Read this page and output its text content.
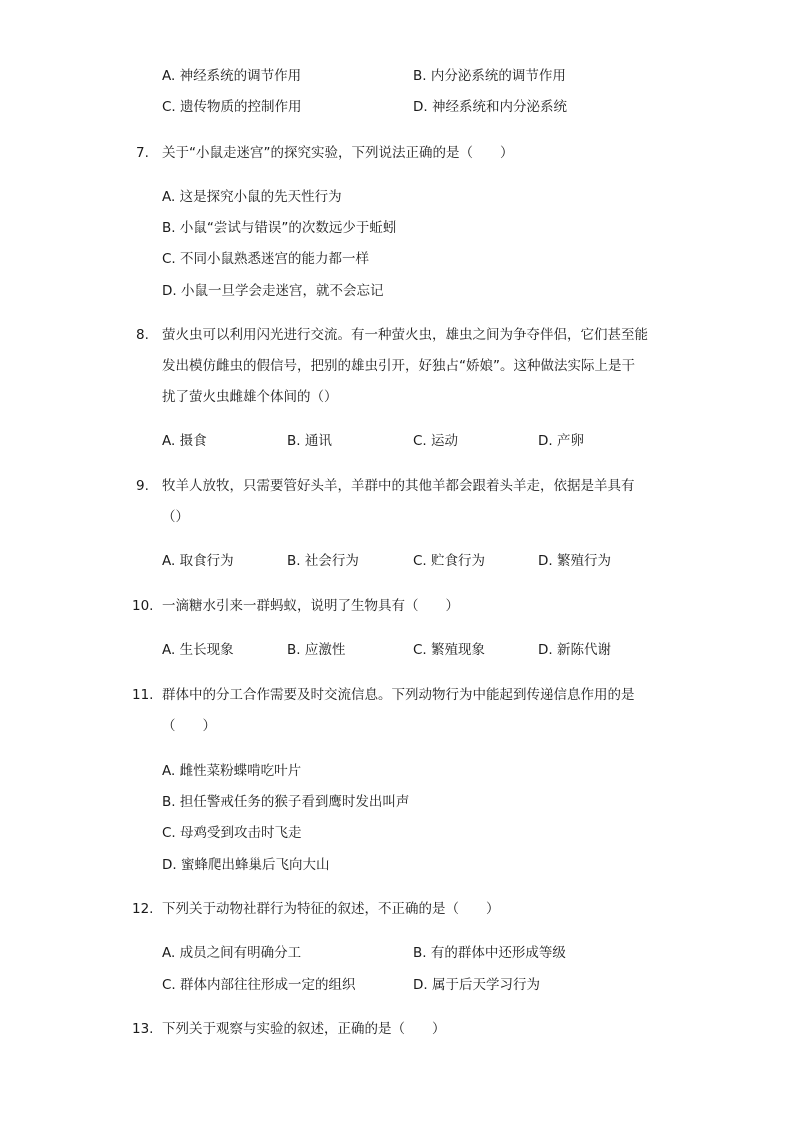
A. 神经系统的调节作用	B. 内分泌系统的调节作用
C. 遗传物质的控制作用	D. 神经系统和内分泌系统
7. 关于“小鼠走迷宫”的探究实验，下列说法正确的是（　　）
A. 这是探究小鼠的先天性行为
B. 小鼠“尝试与错误”的次数远少于蚯蚓
C. 不同小鼠熟悉迷宫的能力都一样
D. 小鼠一旦学会走迷宫，就不会忘记
8. 萤火虫可以利用闪光进行交流。有一种萤火虫，雄虫之间为争夺伴侣，它们甚至能
发出模仿雌虫的假信号，把别的雄虫引开，好独占“娇娘”。这种做法实际上是干
扰了萤火虫雌雄个体间的（）
A. 摄食	B. 通讯	C. 运动	D. 产卵
9. 牧羊人放牧，只需要管好头羊，羊群中的其他羊都会跟着头羊走，依据是羊具有
（）
A. 取食行为	B. 社会行为	C. 贮食行为	D. 繁殖行为
10. 一滴糖水引来一群蚂蚁，说明了生物具有（　　）
A. 生长现象	B. 应激性	C. 繁殖现象	D. 新陈代谢
11. 群体中的分工合作需要及时交流信息。下列动物行为中能起到传递信息作用的是
（　　）
A. 雌性菜粉蝶啃吃叶片
B. 担任警戒任务的猴子看到鹰时发出叫声
C. 母鸡受到攻击时飞走
D. 蜜蜂爬出蜂巢后飞向大山
12. 下列关于动物社群行为特征的叙述，不正确的是（　　）
A. 成员之间有明确分工	B. 有的群体中还形成等级
C. 群体内部往往形成一定的组织	D. 属于后天学习行为
13. 下列关于观察与实验的叙述，正确的是（　　）
